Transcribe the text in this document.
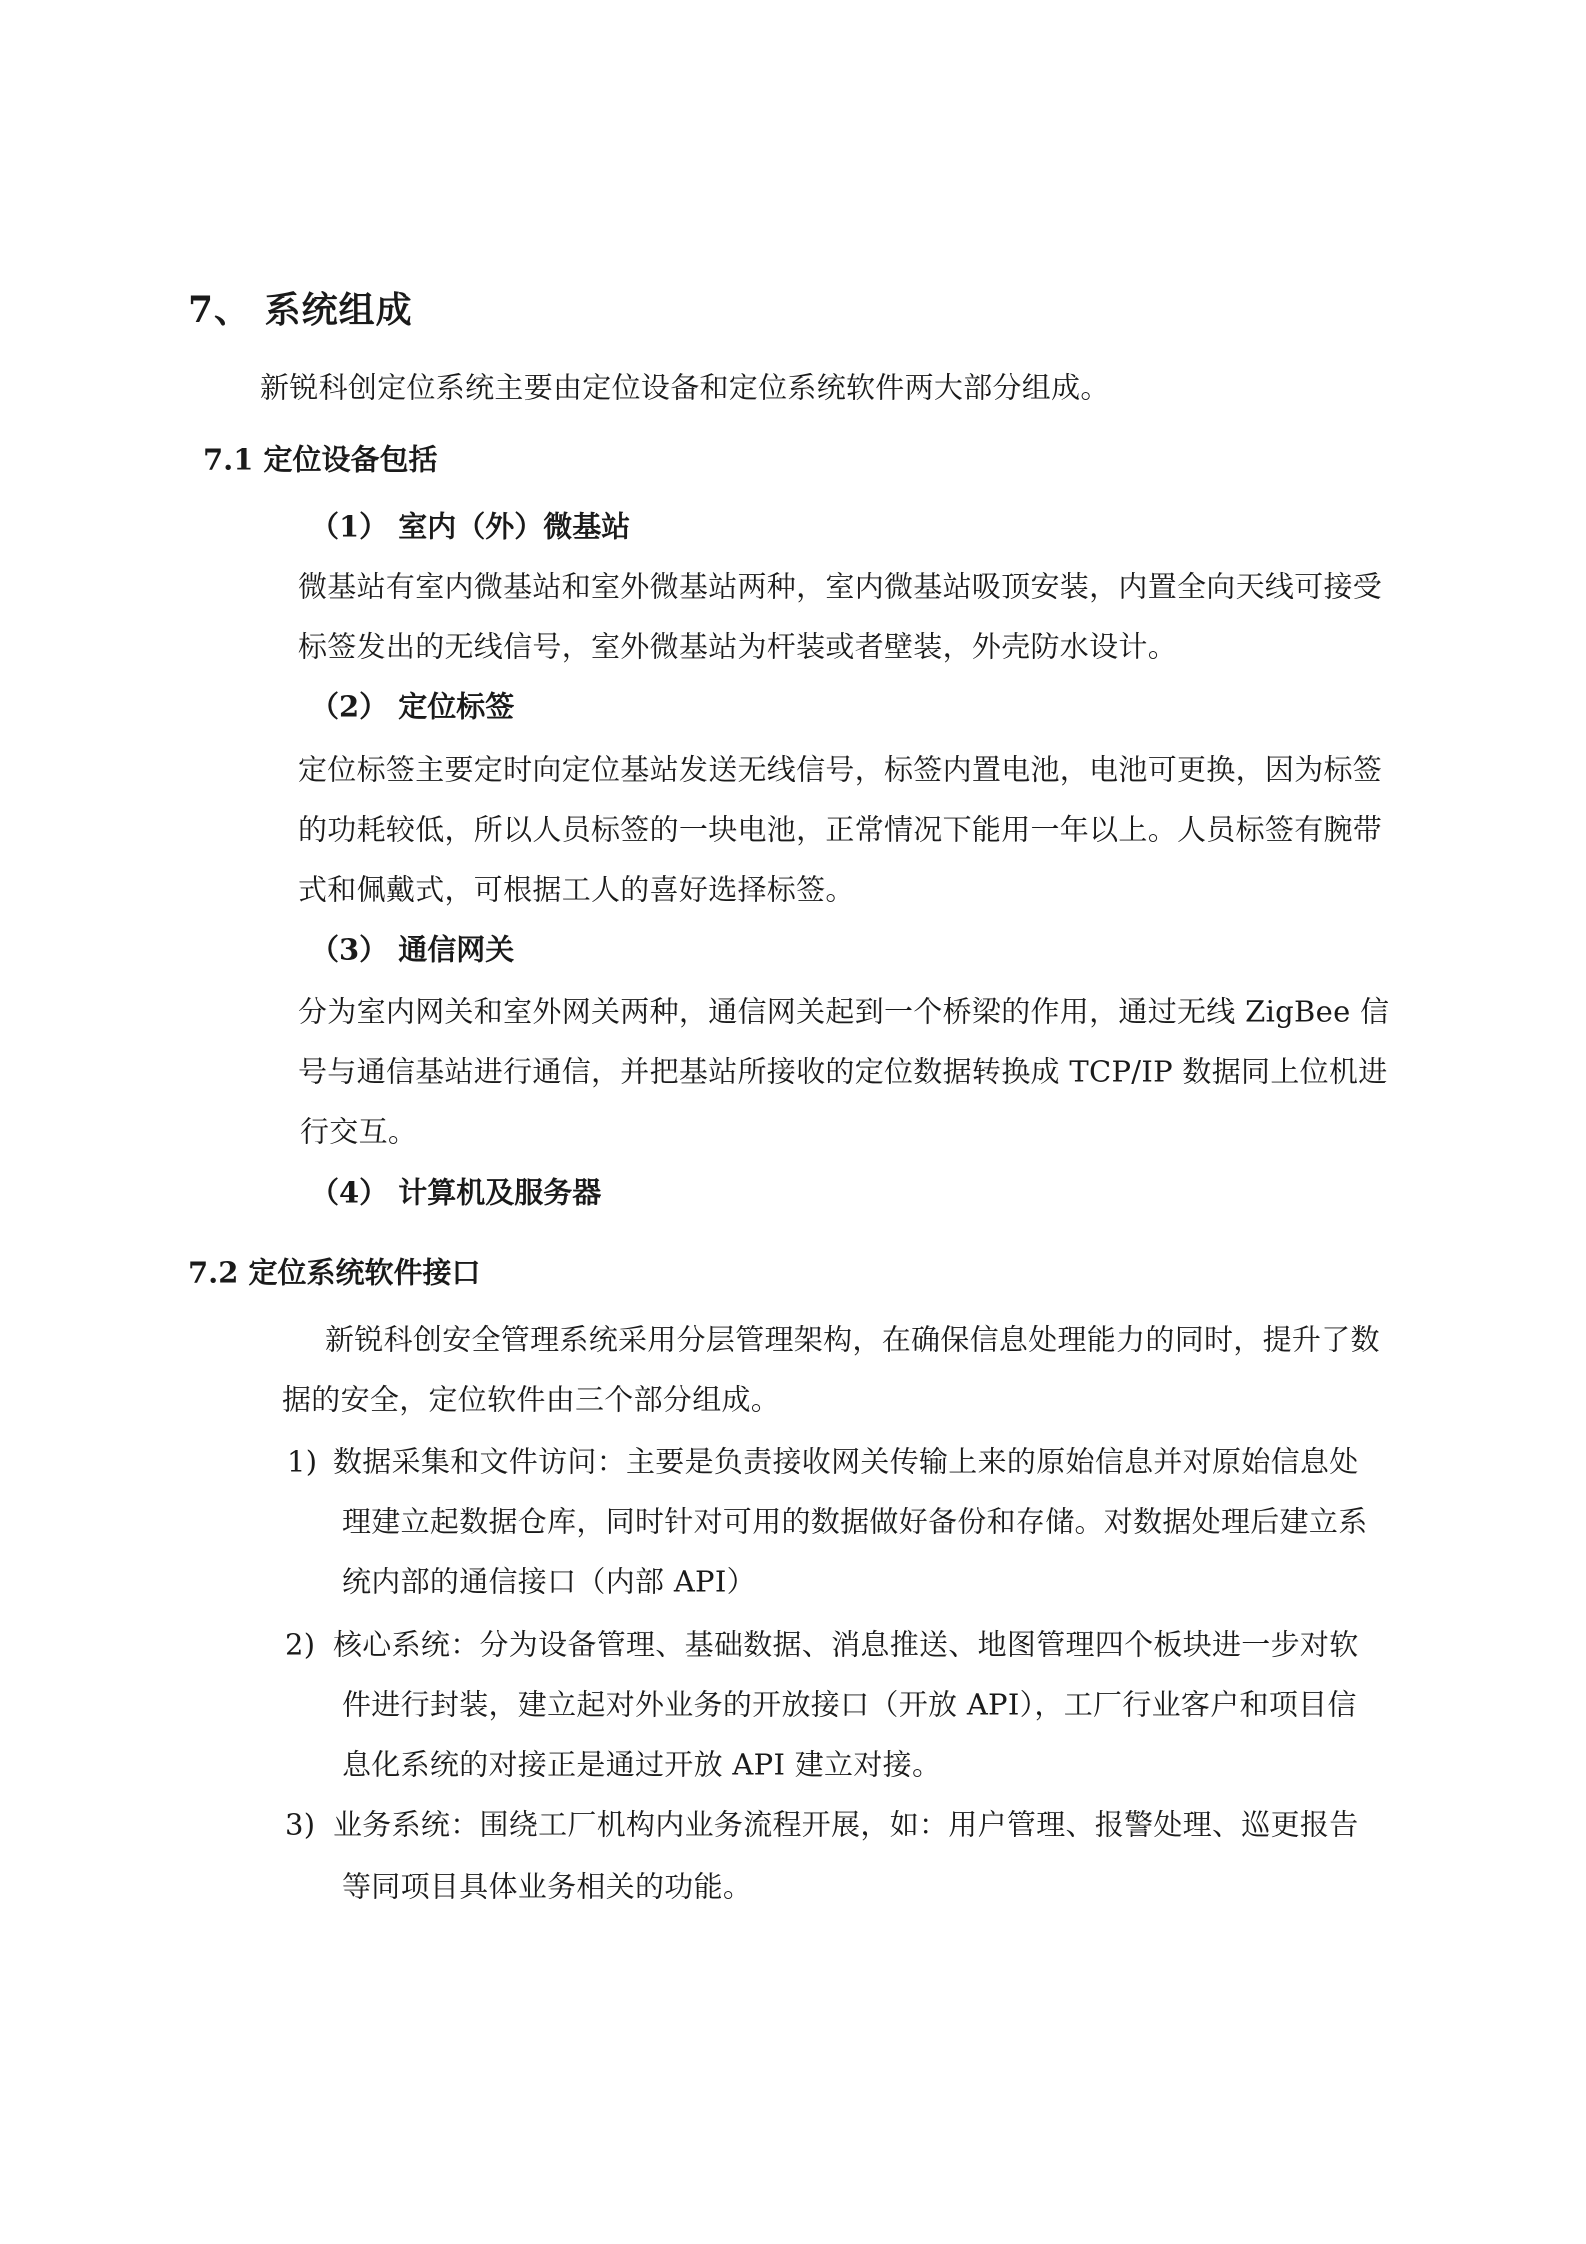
7、 系统组成
新锐科创定位系统主要由定位设备和定位系统软件两大部分组成。
7.1 定位设备包括
（1） 室内（外）微基站
微基站有室内微基站和室外微基站两种，室内微基站吸顶安装，内置全向天线可接受
标签发出的无线信号，室外微基站为杆装或者壁装，外壳防水设计。
（2） 定位标签
定位标签主要定时向定位基站发送无线信号，标签内置电池，电池可更换，因为标签
的功耗较低，所以人员标签的一块电池，正常情况下能用一年以上。人员标签有腕带
式和佩戴式，可根据工人的喜好选择标签。
（3） 通信网关
分为室内网关和室外网关两种，通信网关起到一个桥梁的作用，通过无线 ZigBee 信
号与通信基站进行通信，并把基站所接收的定位数据转换成 TCP/IP 数据同上位机进
行交互。
（4） 计算机及服务器
7.2 定位系统软件接口
新锐科创安全管理系统采用分层管理架构，在确保信息处理能力的同时，提升了数
据的安全，定位软件由三个部分组成。
1) 数据采集和文件访问：主要是负责接收网关传输上来的原始信息并对原始信息处
理建立起数据仓库，同时针对可用的数据做好备份和存储。对数据处理后建立系
统内部的通信接口（内部 API）
2) 核心系统：分为设备管理、基础数据、消息推送、地图管理四个板块进一步对软
件进行封装，建立起对外业务的开放接口（开放 API），工厂行业客户和项目信
息化系统的对接正是通过开放 API 建立对接。
3) 业务系统：围绕工厂机构内业务流程开展，如：用户管理、报警处理、巡更报告
等同项目具体业务相关的功能。
